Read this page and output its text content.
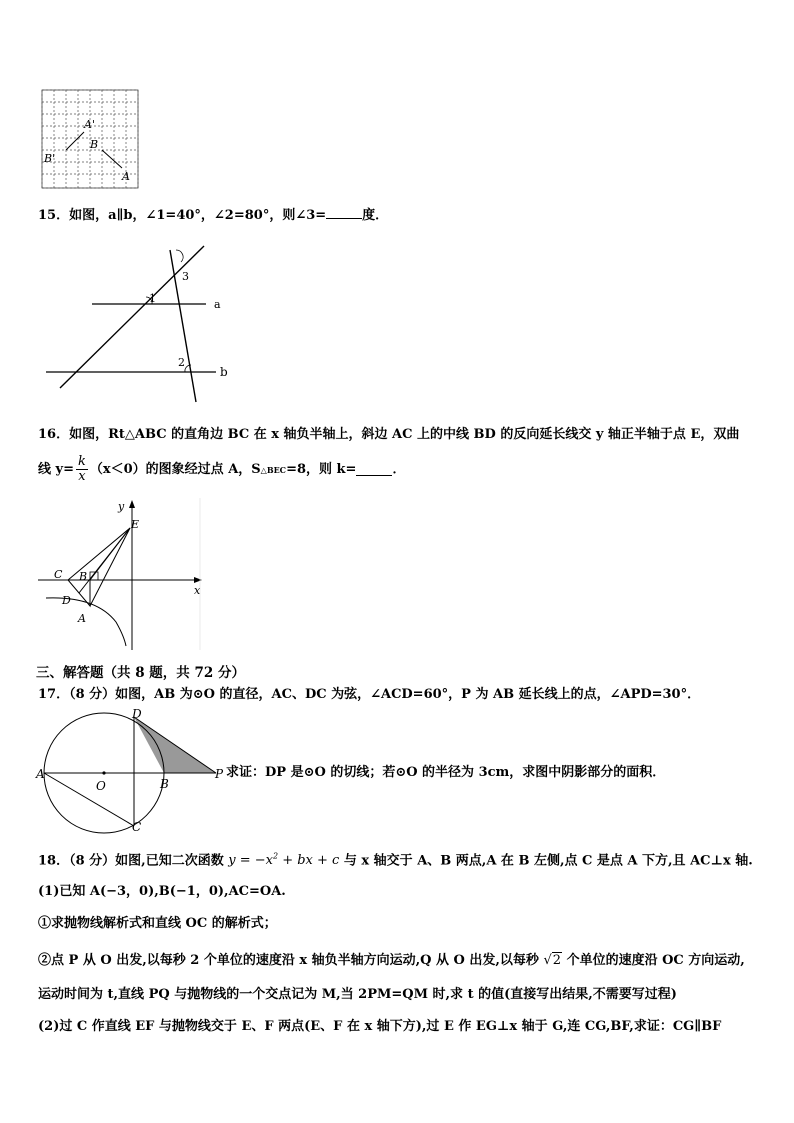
A'
B'
B
A
15．如图，a∥b，∠1=40°，∠2=80°，则∠3=	度．
3
1	a
2
b
16．如图，Rt△ABC 的直角边 BC 在 x 轴负半轴上，斜边 AC 上的中线 BD 的反向延长线交 y 轴正半轴于点 E，双曲
线 $y= \frac{k}{x} (x<0)$的图象经过点 A，S △BEC =8，则 k=	．
y
E
C B
x
D
A
三、解答题（共 8 题，共 72 分）
17．（8 分）如图，AB 为⊙O 的直径，AC、DC 为弦，∠ACD=60°，P 为 AB 延长线上的点，∠APD=30°．
D
A
O	B
P
C
求证：DP 是⊙O 的切线；若⊙O 的半径为 3cm，求图中阴影部分的面积．
18．（8 分）如图,已知二次函数 $y = -x^2$ + bx + c 与 x 轴交于 A、B 两点,A 在 B 左侧,点 C 是点 A 下方,且 AC⊥x 轴.
(1)已知 A(−3，0),B(−1，0),AC=OA.
①求抛物线解析式和直线 OC 的解析式；
②点 P 从 O 出发,以每秒 2 个单位的速度沿 x 轴负半轴方向运动,Q 从 O 出发,以每秒 √2 个单位的速度沿 OC 方向运动,
运动时间为 t,直线 PQ 与抛物线的一个交点记为 M,当 2PM=QM 时,求 t 的值(直接写出结果,不需要写过程)
(2)过 C 作直线 EF 与抛物线交于 E、F 两点(E、F 在 x 轴下方),过 E 作 EG⊥x 轴于 G,连 CG,BF,求证：CG∥BF
